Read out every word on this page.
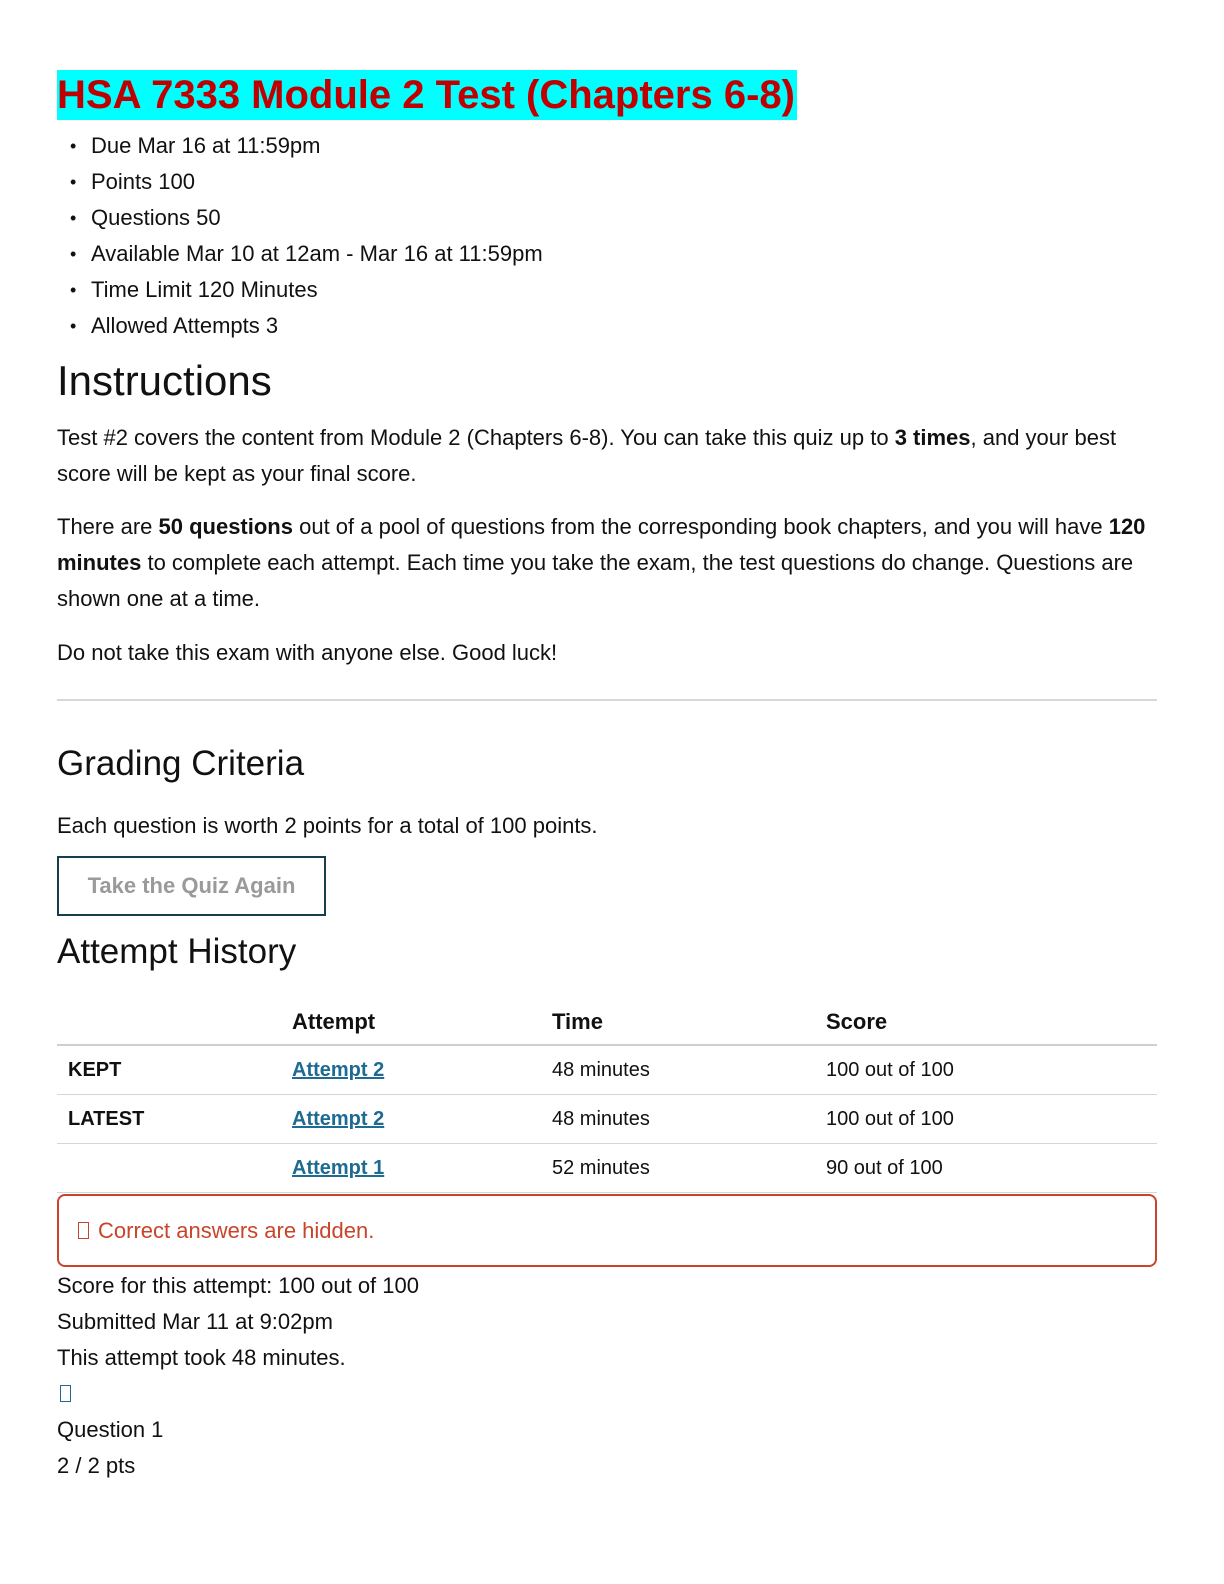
HSA 7333 Module 2 Test (Chapters 6-8)
• Due Mar 16 at 11:59pm
• Points 100
• Questions 50
• Available Mar 10 at 12am - Mar 16 at 11:59pm
• Time Limit 120 Minutes
• Allowed Attempts 3
Instructions

Test #2 covers the content from Module 2 (Chapters 6-8). You can take this quiz up to 3 times, and your best score will be kept as your final score.

There are 50 questions out of a pool of questions from the corresponding book chapters, and you will have 120 minutes to complete each attempt. Each time you take the exam, the test questions do change. Questions are shown one at a time.

Do not take this exam with anyone else. Good luck!

Grading Criteria

Each question is worth 2 points for a total of 100 points.

Take the Quiz Again
Attempt History
	Attempt	Time	Score
KEPT	Attempt 2	48 minutes	100 out of 100
LATEST	Attempt 2	48 minutes	100 out of 100
	Attempt 1	52 minutes	90 out of 100
Correct answers are hidden.

Score for this attempt: 100 out of 100

Submitted Mar 11 at 9:02pm

This attempt took 48 minutes.

Question 1

2 / 2 pts
